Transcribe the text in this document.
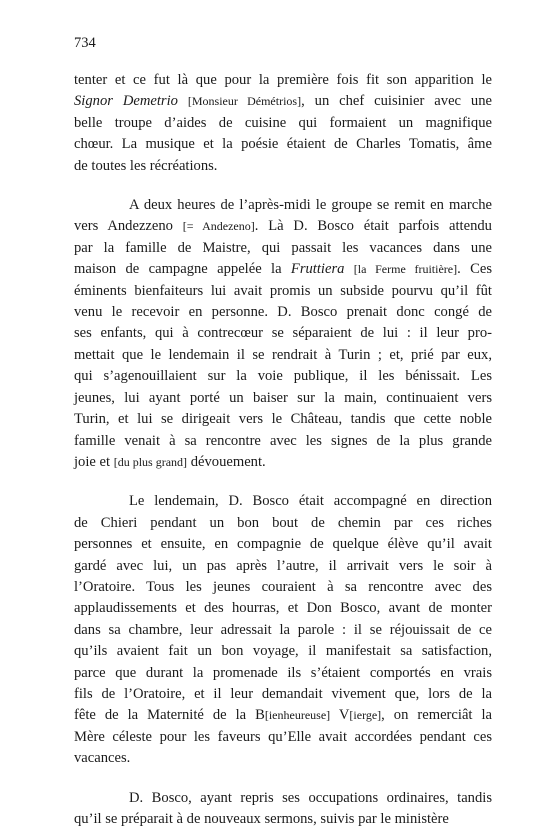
734
tenter et ce fut là que pour la première fois fit son apparition le
Signor Demetrio [Monsieur Démétrios], un chef cuisinier avec une
belle troupe d’aides de cuisine qui formaient un magnifique
chœur. La musique et la poésie étaient de Charles Tomatis, âme
de toutes les récréations.
A deux heures de l’après-midi le groupe se remit en marche
vers Andezzeno [= Andezeno]. Là D. Bosco était parfois attendu
par la famille de Maistre, qui passait les vacances dans une
maison de campagne appelée la Fruttiera [la Ferme fruitière]. Ces
éminents bienfaiteurs lui avait promis un subside pourvu qu’il fût
venu le recevoir en personne. D. Bosco prenait donc congé de
ses enfants, qui à contrecœur se séparaient de lui : il leur pro-
mettait que le lendemain il se rendrait à Turin ; et, prié par eux,
qui s’agenouillaient sur la voie publique, il les bénissait. Les
jeunes, lui ayant porté un baiser sur la main, continuaient vers
Turin, et lui se dirigeait vers le Château, tandis que cette noble
famille venait à sa rencontre avec les signes de la plus grande
joie et [du plus grand] dévouement.
Le lendemain, D. Bosco était accompagné en direction
de Chieri pendant un bon bout de chemin par ces riches
personnes et ensuite, en compagnie de quelque élève qu’il avait
gardé avec lui, un pas après l’autre, il arrivait vers le soir à
l’Oratoire. Tous les jeunes couraient à sa rencontre avec des
applaudissements et des hourras, et Don Bosco, avant de monter
dans sa chambre, leur adressait la parole : il se réjouissait de ce
qu’ils avaient fait un bon voyage, il manifestait sa satisfaction,
parce que durant la promenade ils s’étaient comportés en vrais
fils de l’Oratoire, et il leur demandait vivement que, lors de la
fête de la Maternité de la B[ienheureuse] V[ierge], on remerciât la
Mère céleste pour les faveurs qu’Elle avait accordées pendant ces
vacances.
D. Bosco, ayant repris ses occupations ordinaires, tandis
qu’il se préparait à de nouveaux sermons, suivis par le ministère
